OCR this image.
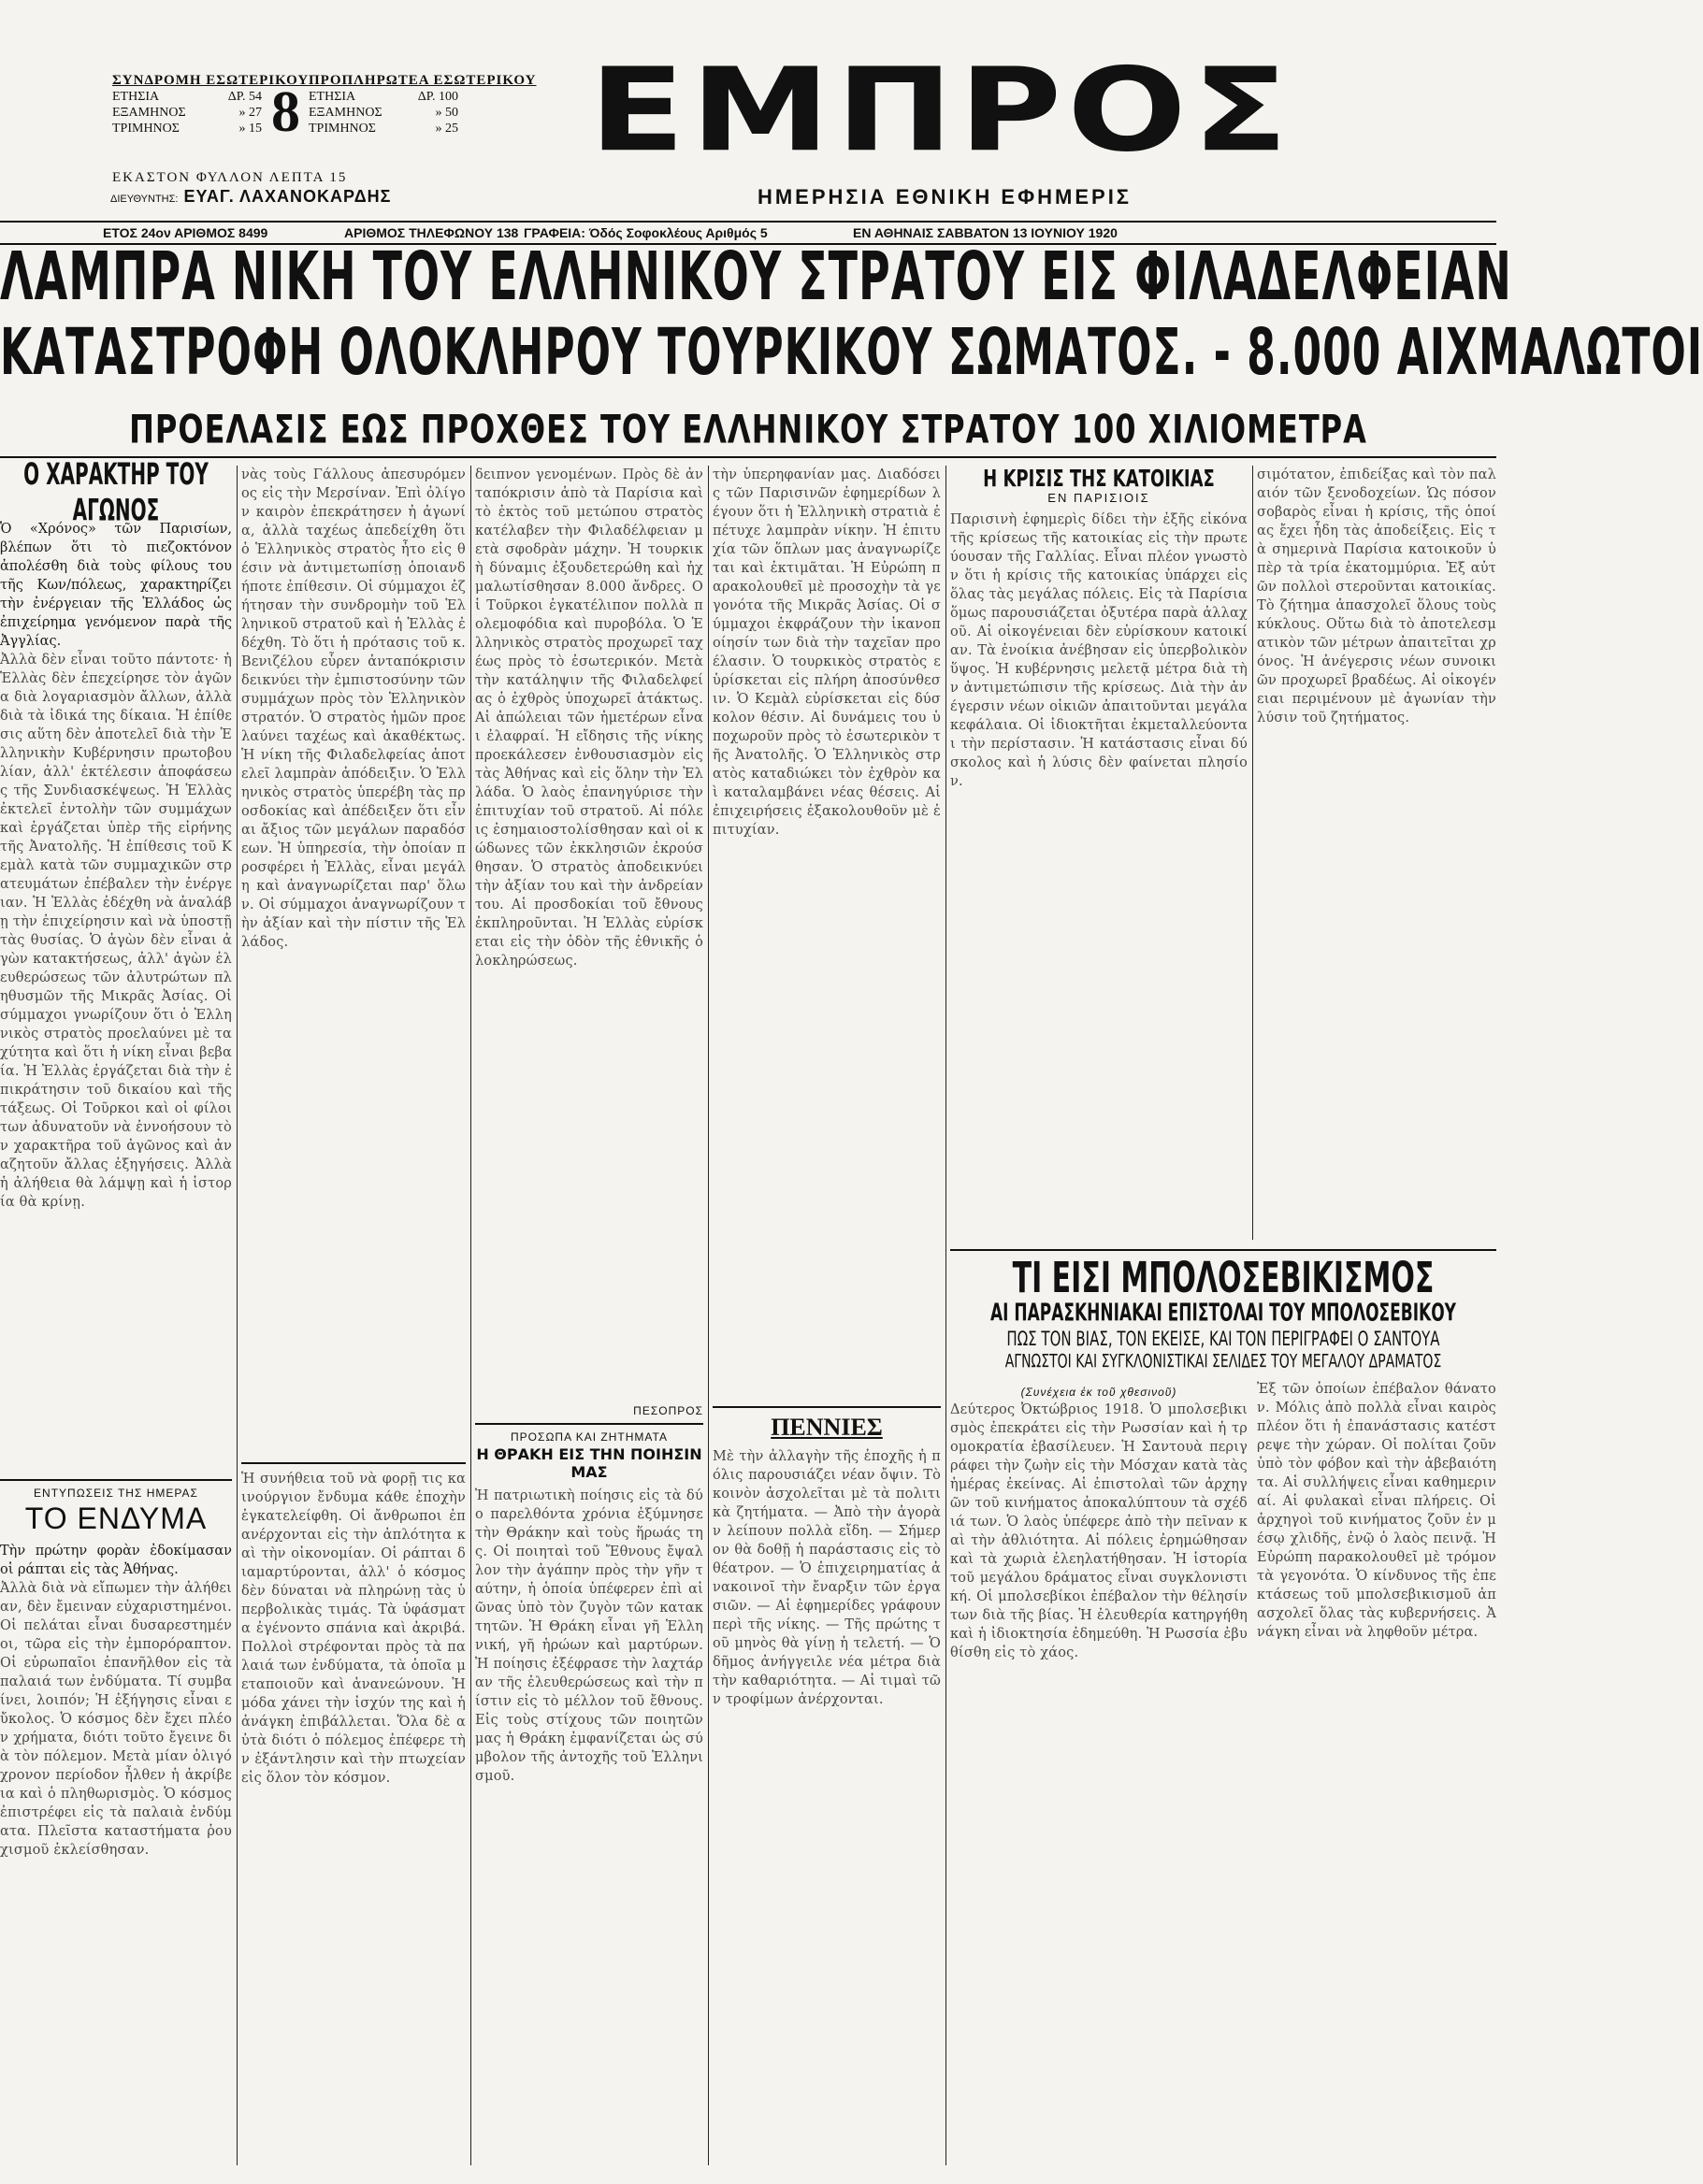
ΣΥΝΔΡΟΜΗ ΕΣΩΤΕΡΙΚΟΥ
ΕΤΗΣΙΑ	ΔΡ. 54
ΕΞΑΜΗΝΟΣ	» 27
ΤΡΙΜΗΝΟΣ	» 15 8 ΠΡΟΠΛΗΡΩΤΕΑ ΕΣΩΤΕΡΙΚΟΥ
ΕΤΗΣΙΑ	ΔΡ. 100
ΕΞΑΜΗΝΟΣ	» 50
ΤΡΙΜΗΝΟΣ	» 25
ΕΚΑΣΤΟΝ ΦΥΛΛΟΝ ΛΕΠΤΑ 15
ΔΙΕΥΘΥΝΤΗΣ: ΕΥΑΓ. ΛΑΧΑΝΟΚΑΡΔΗΣ
ΕΜΠΡΟΣ
ΗΜΕΡΗΣΙΑ ΕΘΝΙΚΗ ΕΦΗΜΕΡΙΣ
ΕΤΟΣ 24ον ΑΡΙΘΜΟΣ 8499	ΑΡΙΘΜΟΣ ΤΗΛΕΦΩΝΟΥ 138 ΓΡΑΦΕΙΑ: Όδός Σοφοκλέους Αριθμός 5	ΕΝ ΑΘΗΝΑΙΣ ΣΑΒΒΑΤΟΝ 13 ΙΟΥΝΙΟΥ 1920
ΛΑΜΠΡΑ ΝΙΚΗ ΤΟΥ ΕΛΛΗΝΙΚΟΥ ΣΤΡΑΤΟΥ ΕΙΣ ΦΙΛΑΔΕΛΦΕΙΑΝ
ΚΑΤΑΣΤΡΟΦΗ ΟΛΟΚΛΗΡΟΥ ΤΟΥΡΚΙΚΟΥ ΣΩΜΑΤΟΣ. - 8.000 ΑΙΧΜΑΛΩΤΟΙ
ΠΡΟΕΛΑΣΙΣ ΕΩΣ ΠΡΟΧΘΕΣ ΤΟΥ ΕΛΛΗΝΙΚΟΥ ΣΤΡΑΤΟΥ 100 ΧΙΛΙΟΜΕΤΡΑ
Ο ΧΑΡΑΚΤΗΡ ΤΟΥ ΑΓΩΝΟΣ
Ὁ «Χρόνος» τῶν Παρισίων, βλέπων ὅτι τὸ πιεζοκτόνον ἀπολέσθη διὰ τοὺς φίλους του τῆς Κων/πόλεως, χαρακτηρίζει τὴν ἐνέργειαν τῆς Ἑλλάδος ὡς ἐπιχείρημα γενόμενον παρὰ τῆς Ἀγγλίας.
Ἀλλὰ δὲν εἶναι τοῦτο πάντοτε· ἡ Ἑλλὰς δὲν ἐπεχείρησε τὸν ἀγῶνα διὰ λογαριασμὸν ἄλλων, ἀλλὰ διὰ τὰ ἰδικά της δίκαια. Ἡ ἐπίθεσις αὕτη δὲν ἀποτελεῖ διὰ τὴν Ἑλληνικὴν Κυβέρνησιν πρωτοβουλίαν, ἀλλ' ἐκτέλεσιν ἀποφάσεως τῆς Συνδιασκέψεως. Ἡ Ἑλλὰς ἐκτελεῖ ἐντολὴν τῶν συμμάχων καὶ ἐργάζεται ὑπὲρ τῆς εἰρήνης τῆς Ἀνατολῆς. Ἡ ἐπίθεσις τοῦ Κεμὰλ κατὰ τῶν συμμαχικῶν στρατευμάτων ἐπέβαλεν τὴν ἐνέργειαν. Ἡ Ἑλλὰς ἐδέχθη νὰ ἀναλάβῃ τὴν ἐπιχείρησιν καὶ νὰ ὑποστῇ τὰς θυσίας. Ὁ ἀγὼν δὲν εἶναι ἀγὼν κατακτήσεως, ἀλλ' ἀγὼν ἐλευθερώσεως τῶν ἀλυτρώτων πληθυσμῶν τῆς Μικρᾶς Ἀσίας. Οἱ σύμμαχοι γνωρίζουν ὅτι ὁ Ἑλληνικὸς στρατὸς προελαύνει μὲ ταχύτητα καὶ ὅτι ἡ νίκη εἶναι βεβαία. Ἡ Ἑλλὰς ἐργάζεται διὰ τὴν ἐπικράτησιν τοῦ δικαίου καὶ τῆς τάξεως. Οἱ Τοῦρκοι καὶ οἱ φίλοι των ἀδυνατοῦν νὰ ἐννοήσουν τὸν χαρακτῆρα τοῦ ἀγῶνος καὶ ἀναζητοῦν ἄλλας ἐξηγήσεις. Ἀλλὰ ἡ ἀλήθεια θὰ λάμψῃ καὶ ἡ ἱστορία θὰ κρίνῃ.
ΕΝΤΥΠΩΣΕΙΣ ΤΗΣ ΗΜΕΡΑΣ
ΤΟ ΕΝΔΥΜΑ
Τὴν πρώτην φορὰν ἐδοκίμασαν οἱ ράπται εἰς τὰς Ἀθήνας.
Ἀλλὰ διὰ νὰ εἴπωμεν τὴν ἀλήθειαν, δὲν ἔμειναν εὐχαριστημένοι. Οἱ πελάται εἶναι δυσαρεστημένοι, τῶρα εἰς τὴν ἐμπορόραπτον. Οἱ εὐρωπαῖοι ἐπανῆλθον εἰς τὰ παλαιά των ἐνδύματα. Τί συμβαίνει, λοιπόν; Ἡ ἐξήγησις εἶναι εὔκολος. Ὁ κόσμος δὲν ἔχει πλέον χρήματα, διότι τοῦτο ἔγεινε διὰ τὸν πόλεμον. Μετὰ μίαν ὀλιγόχρονον περίοδον ἦλθεν ἡ ἀκρίβεια καὶ ὁ πληθωρισμὸς. Ὁ κόσμος ἐπιστρέφει εἰς τὰ παλαιὰ ἐνδύματα. Πλεῖστα καταστήματα ῥουχισμοῦ ἐκλείσθησαν.
νὰς τοὺς Γάλλους ἀπεσυρόμενος εἰς τὴν Μερσίναν. Ἐπὶ ὀλίγον καιρὸν ἐπεκράτησεν ἡ ἀγωνία, ἀλλὰ ταχέως ἀπεδείχθη ὅτι ὁ Ἑλληνικὸς στρατὸς ἦτο εἰς θέσιν νὰ ἀντιμετωπίσῃ ὁποιανδήποτε ἐπίθεσιν. Οἱ σύμμαχοι ἐζήτησαν τὴν συνδρομὴν τοῦ Ἑλληνικοῦ στρατοῦ καὶ ἡ Ἑλλὰς ἐδέχθη. Τὸ ὅτι ἡ πρότασις τοῦ κ. Βενιζέλου εὗρεν ἀνταπόκρισιν δεικνύει τὴν ἐμπιστοσύνην τῶν συμμάχων πρὸς τὸν Ἑλληνικὸν στρατόν. Ὁ στρατὸς ἡμῶν προελαύνει ταχέως καὶ ἀκαθέκτως. Ἡ νίκη τῆς Φιλαδελφείας ἀποτελεῖ λαμπρὰν ἀπόδειξιν. Ὁ Ἑλληνικὸς στρατὸς ὑπερέβη τὰς προσδοκίας καὶ ἀπέδειξεν ὅτι εἶναι ἄξιος τῶν μεγάλων παραδόσεων. Ἡ ὑπηρεσία, τὴν ὁποίαν προσφέρει ἡ Ἑλλὰς, εἶναι μεγάλη καὶ ἀναγνωρίζεται παρ' ὅλων. Οἱ σύμμαχοι ἀναγνωρίζουν τὴν ἀξίαν καὶ τὴν πίστιν τῆς Ἑλλάδος.
Ἡ συνήθεια τοῦ νὰ φορῇ τις καινούργιον ἔνδυμα κάθε ἐποχὴν ἐγκατελείφθη. Οἱ ἄνθρωποι ἐπανέρχονται εἰς τὴν ἀπλότητα καὶ τὴν οἰκονομίαν. Οἱ ράπται διαμαρτύρονται, ἀλλ' ὁ κόσμος δὲν δύναται νὰ πληρώνῃ τὰς ὑπερβολικὰς τιμάς. Τὰ ὑφάσματα ἐγένοντο σπάνια καὶ ἀκριβά. Πολλοὶ στρέφονται πρὸς τὰ παλαιά των ἐνδύματα, τὰ ὁποῖα μεταποιοῦν καὶ ἀνανεώνουν. Ἡ μόδα χάνει τὴν ἰσχύν της καὶ ἡ ἀνάγκη ἐπιβάλλεται. Ὅλα δὲ αὐτὰ διότι ὁ πόλεμος ἐπέφερε τὴν ἐξάντλησιν καὶ τὴν πτωχείαν εἰς ὅλον τὸν κόσμον.
δειπνον γενομένων. Πρὸς δὲ ἀνταπόκρισιν ἀπὸ τὰ Παρίσια καὶ τὸ ἐκτὸς τοῦ μετώπου στρατὸς κατέλαβεν τὴν Φιλαδέλφειαν μετὰ σφοδρὰν μάχην. Ἡ τουρκικὴ δύναμις ἐξουδετερώθη καὶ ἠχμαλωτίσθησαν 8.000 ἄνδρες. Οἱ Τοῦρκοι ἐγκατέλιπον πολλὰ πολεμοφόδια καὶ πυροβόλα. Ὁ Ἑλληνικὸς στρατὸς προχωρεῖ ταχέως πρὸς τὸ ἐσωτερικόν. Μετὰ τὴν κατάληψιν τῆς Φιλαδελφείας ὁ ἐχθρὸς ὑποχωρεῖ ἀτάκτως. Αἱ ἀπώλειαι τῶν ἡμετέρων εἶναι ἐλαφραί. Ἡ εἴδησις τῆς νίκης προεκάλεσεν ἐνθουσιασμὸν εἰς τὰς Ἀθήνας καὶ εἰς ὅλην τὴν Ἑλλάδα. Ὁ λαὸς ἐπανηγύρισε τὴν ἐπιτυχίαν τοῦ στρατοῦ. Αἱ πόλεις ἐσημαιοστολίσθησαν καὶ οἱ κώδωνες τῶν ἐκκλησιῶν ἐκρούσθησαν. Ὁ στρατὸς ἀποδεικνύει τὴν ἀξίαν του καὶ τὴν ἀνδρείαν του. Αἱ προσδοκίαι τοῦ ἔθνους ἐκπληροῦνται. Ἡ Ἑλλὰς εὑρίσκεται εἰς τὴν ὁδὸν τῆς ἐθνικῆς ὁλοκληρώσεως.
ΠΕΣΟΠΡΟΣ
ΠΡΟΣΩΠΑ ΚΑΙ ΖΗΤΗΜΑΤΑ
Η ΘΡΑΚΗ ΕΙΣ ΤΗΝ ΠΟΙΗΣΙΝ ΜΑΣ
Ἡ πατριωτικὴ ποίησις εἰς τὰ δύο παρελθόντα χρόνια ἐξύμνησε τὴν Θράκην καὶ τοὺς ἥρωάς της. Οἱ ποιηταὶ τοῦ Ἔθνους ἔψαλλον τὴν ἀγάπην πρὸς τὴν γῆν ταύτην, ἡ ὁποία ὑπέφερεν ἐπὶ αἰῶνας ὑπὸ τὸν ζυγὸν τῶν κατακτητῶν. Ἡ Θράκη εἶναι γῆ Ἑλληνική, γῆ ἡρώων καὶ μαρτύρων. Ἡ ποίησις ἐξέφρασε τὴν λαχτάραν τῆς ἐλευθερώσεως καὶ τὴν πίστιν εἰς τὸ μέλλον τοῦ ἔθνους. Εἰς τοὺς στίχους τῶν ποιητῶν μας ἡ Θράκη ἐμφανίζεται ὡς σύμβολον τῆς ἀντοχῆς τοῦ Ἑλληνισμοῦ.
τὴν ὑπερηφανίαν μας. Διαδόσεις τῶν Παρισινῶν ἐφημερίδων λέγουν ὅτι ἡ Ἑλληνικὴ στρατιὰ ἐπέτυχε λαμπρὰν νίκην. Ἡ ἐπιτυχία τῶν ὅπλων μας ἀναγνωρίζεται καὶ ἐκτιμᾶται. Ἡ Εὐρώπη παρακολουθεῖ μὲ προσοχὴν τὰ γεγονότα τῆς Μικρᾶς Ἀσίας. Οἱ σύμμαχοι ἐκφράζουν τὴν ἱκανοποίησίν των διὰ τὴν ταχεῖαν προέλασιν. Ὁ τουρκικὸς στρατὸς εὑρίσκεται εἰς πλήρη ἀποσύνθεσιν. Ὁ Κεμὰλ εὑρίσκεται εἰς δύσκολον θέσιν. Αἱ δυνάμεις του ὑποχωροῦν πρὸς τὸ ἐσωτερικὸν τῆς Ἀνατολῆς. Ὁ Ἑλληνικὸς στρατὸς καταδιώκει τὸν ἐχθρὸν καὶ καταλαμβάνει νέας θέσεις. Αἱ ἐπιχειρήσεις ἐξακολουθοῦν μὲ ἐπιτυχίαν.
ΠΕΝΝΙΕΣ
Μὲ τὴν ἀλλαγὴν τῆς ἐποχῆς ἡ πόλις παρουσιάζει νέαν ὄψιν. Τὸ κοινὸν ἀσχολεῖται μὲ τὰ πολιτικὰ ζητήματα. — Ἀπὸ τὴν ἀγορὰν λείπουν πολλὰ εἴδη. — Σήμερον θὰ δοθῇ ἡ παράστασις εἰς τὸ θέατρον. — Ὁ ἐπιχειρηματίας ἀνακοινοῖ τὴν ἔναρξιν τῶν ἐργασιῶν. — Αἱ ἐφημερίδες γράφουν περὶ τῆς νίκης. — Τῆς πρώτης τοῦ μηνὸς θὰ γίνῃ ἡ τελετή. — Ὁ δῆμος ἀνήγγειλε νέα μέτρα διὰ τὴν καθαριότητα. — Αἱ τιμαὶ τῶν τροφίμων ἀνέρχονται.
Η ΚΡΙΣΙΣ ΤΗΣ ΚΑΤΟΙΚΙΑΣ
ΕΝ ΠΑΡΙΣΙΟΙΣ
Παρισινὴ ἐφημερὶς δίδει τὴν ἐξῆς εἰκόνα τῆς κρίσεως τῆς κατοικίας εἰς τὴν πρωτεύουσαν τῆς Γαλλίας. Εἶναι πλέον γνωστὸν ὅτι ἡ κρίσις τῆς κατοικίας ὑπάρχει εἰς ὅλας τὰς μεγάλας πόλεις. Εἰς τὰ Παρίσια ὅμως παρουσιάζεται ὀξυτέρα παρὰ ἀλλαχοῦ. Αἱ οἰκογένειαι δὲν εὑρίσκουν κατοικίαν. Τὰ ἐνοίκια ἀνέβησαν εἰς ὑπερβολικὸν ὕψος. Ἡ κυβέρνησις μελετᾷ μέτρα διὰ τὴν ἀντιμετώπισιν τῆς κρίσεως. Διὰ τὴν ἀνέγερσιν νέων οἰκιῶν ἀπαιτοῦνται μεγάλα κεφάλαια. Οἱ ἰδιοκτῆται ἐκμεταλλεύονται τὴν περίστασιν. Ἡ κατάστασις εἶναι δύσκολος καὶ ἡ λύσις δὲν φαίνεται πλησίον.
σιμότατον, ἐπιδείξας καὶ τὸν παλαιόν τῶν ξενοδοχείων. Ὡς πόσον σοβαρὸς εἶναι ἡ κρίσις, τῆς ὁποίας ἔχει ἦδη τὰς ἀποδείξεις. Εἰς τὰ σημερινὰ Παρίσια κατοικοῦν ὑπὲρ τὰ τρία ἑκατομμύρια. Ἐξ αὐτῶν πολλοὶ στεροῦνται κατοικίας. Τὸ ζήτημα ἀπασχολεῖ ὅλους τοὺς κύκλους. Οὕτω διὰ τὸ ἀποτελεσματικὸν τῶν μέτρων ἀπαιτεῖται χρόνος. Ἡ ἀνέγερσις νέων συνοικιῶν προχωρεῖ βραδέως. Αἱ οἰκογένειαι περιμένουν μὲ ἀγωνίαν τὴν λύσιν τοῦ ζητήματος.
ΤΙ ΕΙΣΙ ΜΠΟΛΟΣΕΒΙΚΙΣΜΟΣ
ΑΙ ΠΑΡΑΣΚΗΝΙΑΚΑΙ ΕΠΙΣΤΟΛΑΙ ΤΟΥ ΜΠΟΛΟΣΕΒΙΚΟΥ
ΠΩΣ ΤΟΝ ΒΙΑΣ, ΤΟΝ ΕΚΕΙΣΕ, ΚΑΙ ΤΟΝ ΠΕΡΙΓΡΑΦΕΙ Ο ΣΑΝΤΟΥΑ
ΑΓΝΩΣΤΟΙ ΚΑΙ ΣΥΓΚΛΟΝΙΣΤΙΚΑΙ ΣΕΛΙΔΕΣ ΤΟΥ ΜΕΓΑΛΟΥ ΔΡΑΜΑΤΟΣ
(Συνέχεια ἐκ τοῦ χθεσινοῦ)
Δεύτερος Ὀκτώβριος 1918. Ὁ μπολσεβικισμὸς ἐπεκράτει εἰς τὴν Ρωσσίαν καὶ ἡ τρομοκρατία ἐβασίλευεν. Ἡ Σαντουὰ περιγράφει τὴν ζωὴν εἰς τὴν Μόσχαν κατὰ τὰς ἡμέρας ἐκείνας. Αἱ ἐπιστολαὶ τῶν ἀρχηγῶν τοῦ κινήματος ἀποκαλύπτουν τὰ σχέδιά των. Ὁ λαὸς ὑπέφερε ἀπὸ τὴν πεῖναν καὶ τὴν ἀθλιότητα. Αἱ πόλεις ἐρημώθησαν καὶ τὰ χωριὰ ἐλεηλατήθησαν. Ἡ ἱστορία τοῦ μεγάλου δράματος εἶναι συγκλονιστική. Οἱ μπολσεβίκοι ἐπέβαλον τὴν θέλησίν των διὰ τῆς βίας. Ἡ ἐλευθερία κατηργήθη καὶ ἡ ἰδιοκτησία ἐδημεύθη. Ἡ Ρωσσία ἐβυθίσθη εἰς τὸ χάος.
Ἐξ τῶν ὁποίων ἐπέβαλον θάνατον. Μόλις ἀπὸ πολλὰ εἶναι καιρὸς πλέον ὅτι ἡ ἐπανάστασις κατέστρεψε τὴν χώραν. Οἱ πολίται ζοῦν ὑπὸ τὸν φόβον καὶ τὴν ἀβεβαιότητα. Αἱ συλλήψεις εἶναι καθημεριναί. Αἱ φυλακαὶ εἶναι πλήρεις. Οἱ ἀρχηγοὶ τοῦ κινήματος ζοῦν ἐν μέσῳ χλιδῆς, ἐνῷ ὁ λαὸς πεινᾷ. Ἡ Εὐρώπη παρακολουθεῖ μὲ τρόμον τὰ γεγονότα. Ὁ κίνδυνος τῆς ἐπεκτάσεως τοῦ μπολσεβικισμοῦ ἀπασχολεῖ ὅλας τὰς κυβερνήσεις. Ἀνάγκη εἶναι νὰ ληφθοῦν μέτρα.
